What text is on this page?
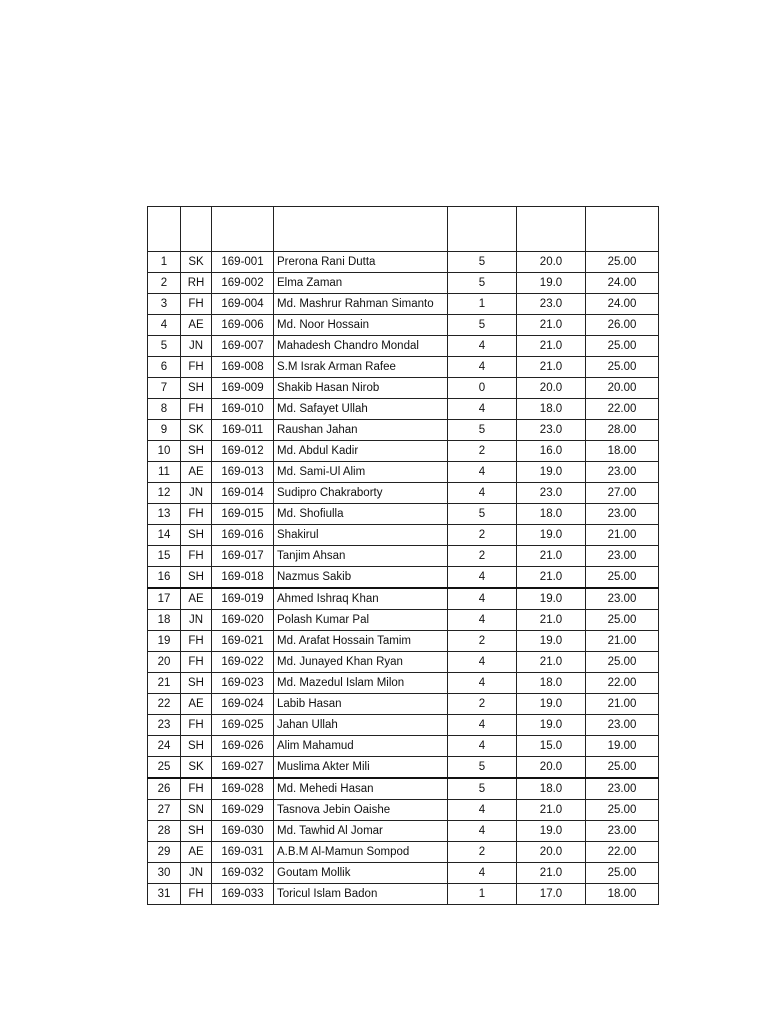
1	SK	169-001	Prerona Rani Dutta	5	20.0	25.00
2	RH	169-002	Elma Zaman	5	19.0	24.00
3	FH	169-004	Md. Mashrur Rahman Simanto	1	23.0	24.00
4	AE	169-006	Md. Noor Hossain	5	21.0	26.00
5	JN	169-007	Mahadesh Chandro Mondal	4	21.0	25.00
6	FH	169-008	S.M Israk Arman Rafee	4	21.0	25.00
7	SH	169-009	Shakib Hasan Nirob	0	20.0	20.00
8	FH	169-010	Md. Safayet Ullah	4	18.0	22.00
9	SK	169-011	Raushan Jahan	5	23.0	28.00
10	SH	169-012	Md. Abdul Kadir	2	16.0	18.00
11	AE	169-013	Md. Sami-Ul Alim	4	19.0	23.00
12	JN	169-014	Sudipro Chakraborty	4	23.0	27.00
13	FH	169-015	Md. Shofiulla	5	18.0	23.00
14	SH	169-016	Shakirul	2	19.0	21.00
15	FH	169-017	Tanjim Ahsan	2	21.0	23.00
16	SH	169-018	Nazmus Sakib	4	21.0	25.00
17	AE	169-019	Ahmed Ishraq Khan	4	19.0	23.00
18	JN	169-020	Polash Kumar Pal	4	21.0	25.00
19	FH	169-021	Md. Arafat Hossain Tamim	2	19.0	21.00
20	FH	169-022	Md. Junayed Khan Ryan	4	21.0	25.00
21	SH	169-023	Md. Mazedul Islam Milon	4	18.0	22.00
22	AE	169-024	Labib Hasan	2	19.0	21.00
23	FH	169-025	Jahan Ullah	4	19.0	23.00
24	SH	169-026	Alim Mahamud	4	15.0	19.00
25	SK	169-027	Muslima Akter Mili	5	20.0	25.00
26	FH	169-028	Md. Mehedi Hasan	5	18.0	23.00
27	SN	169-029	Tasnova Jebin Oaishe	4	21.0	25.00
28	SH	169-030	Md. Tawhid Al Jomar	4	19.0	23.00
29	AE	169-031	A.B.M Al-Mamun Sompod	2	20.0	22.00
30	JN	169-032	Goutam Mollik	4	21.0	25.00
31	FH	169-033	Toricul Islam Badon	1	17.0	18.00
